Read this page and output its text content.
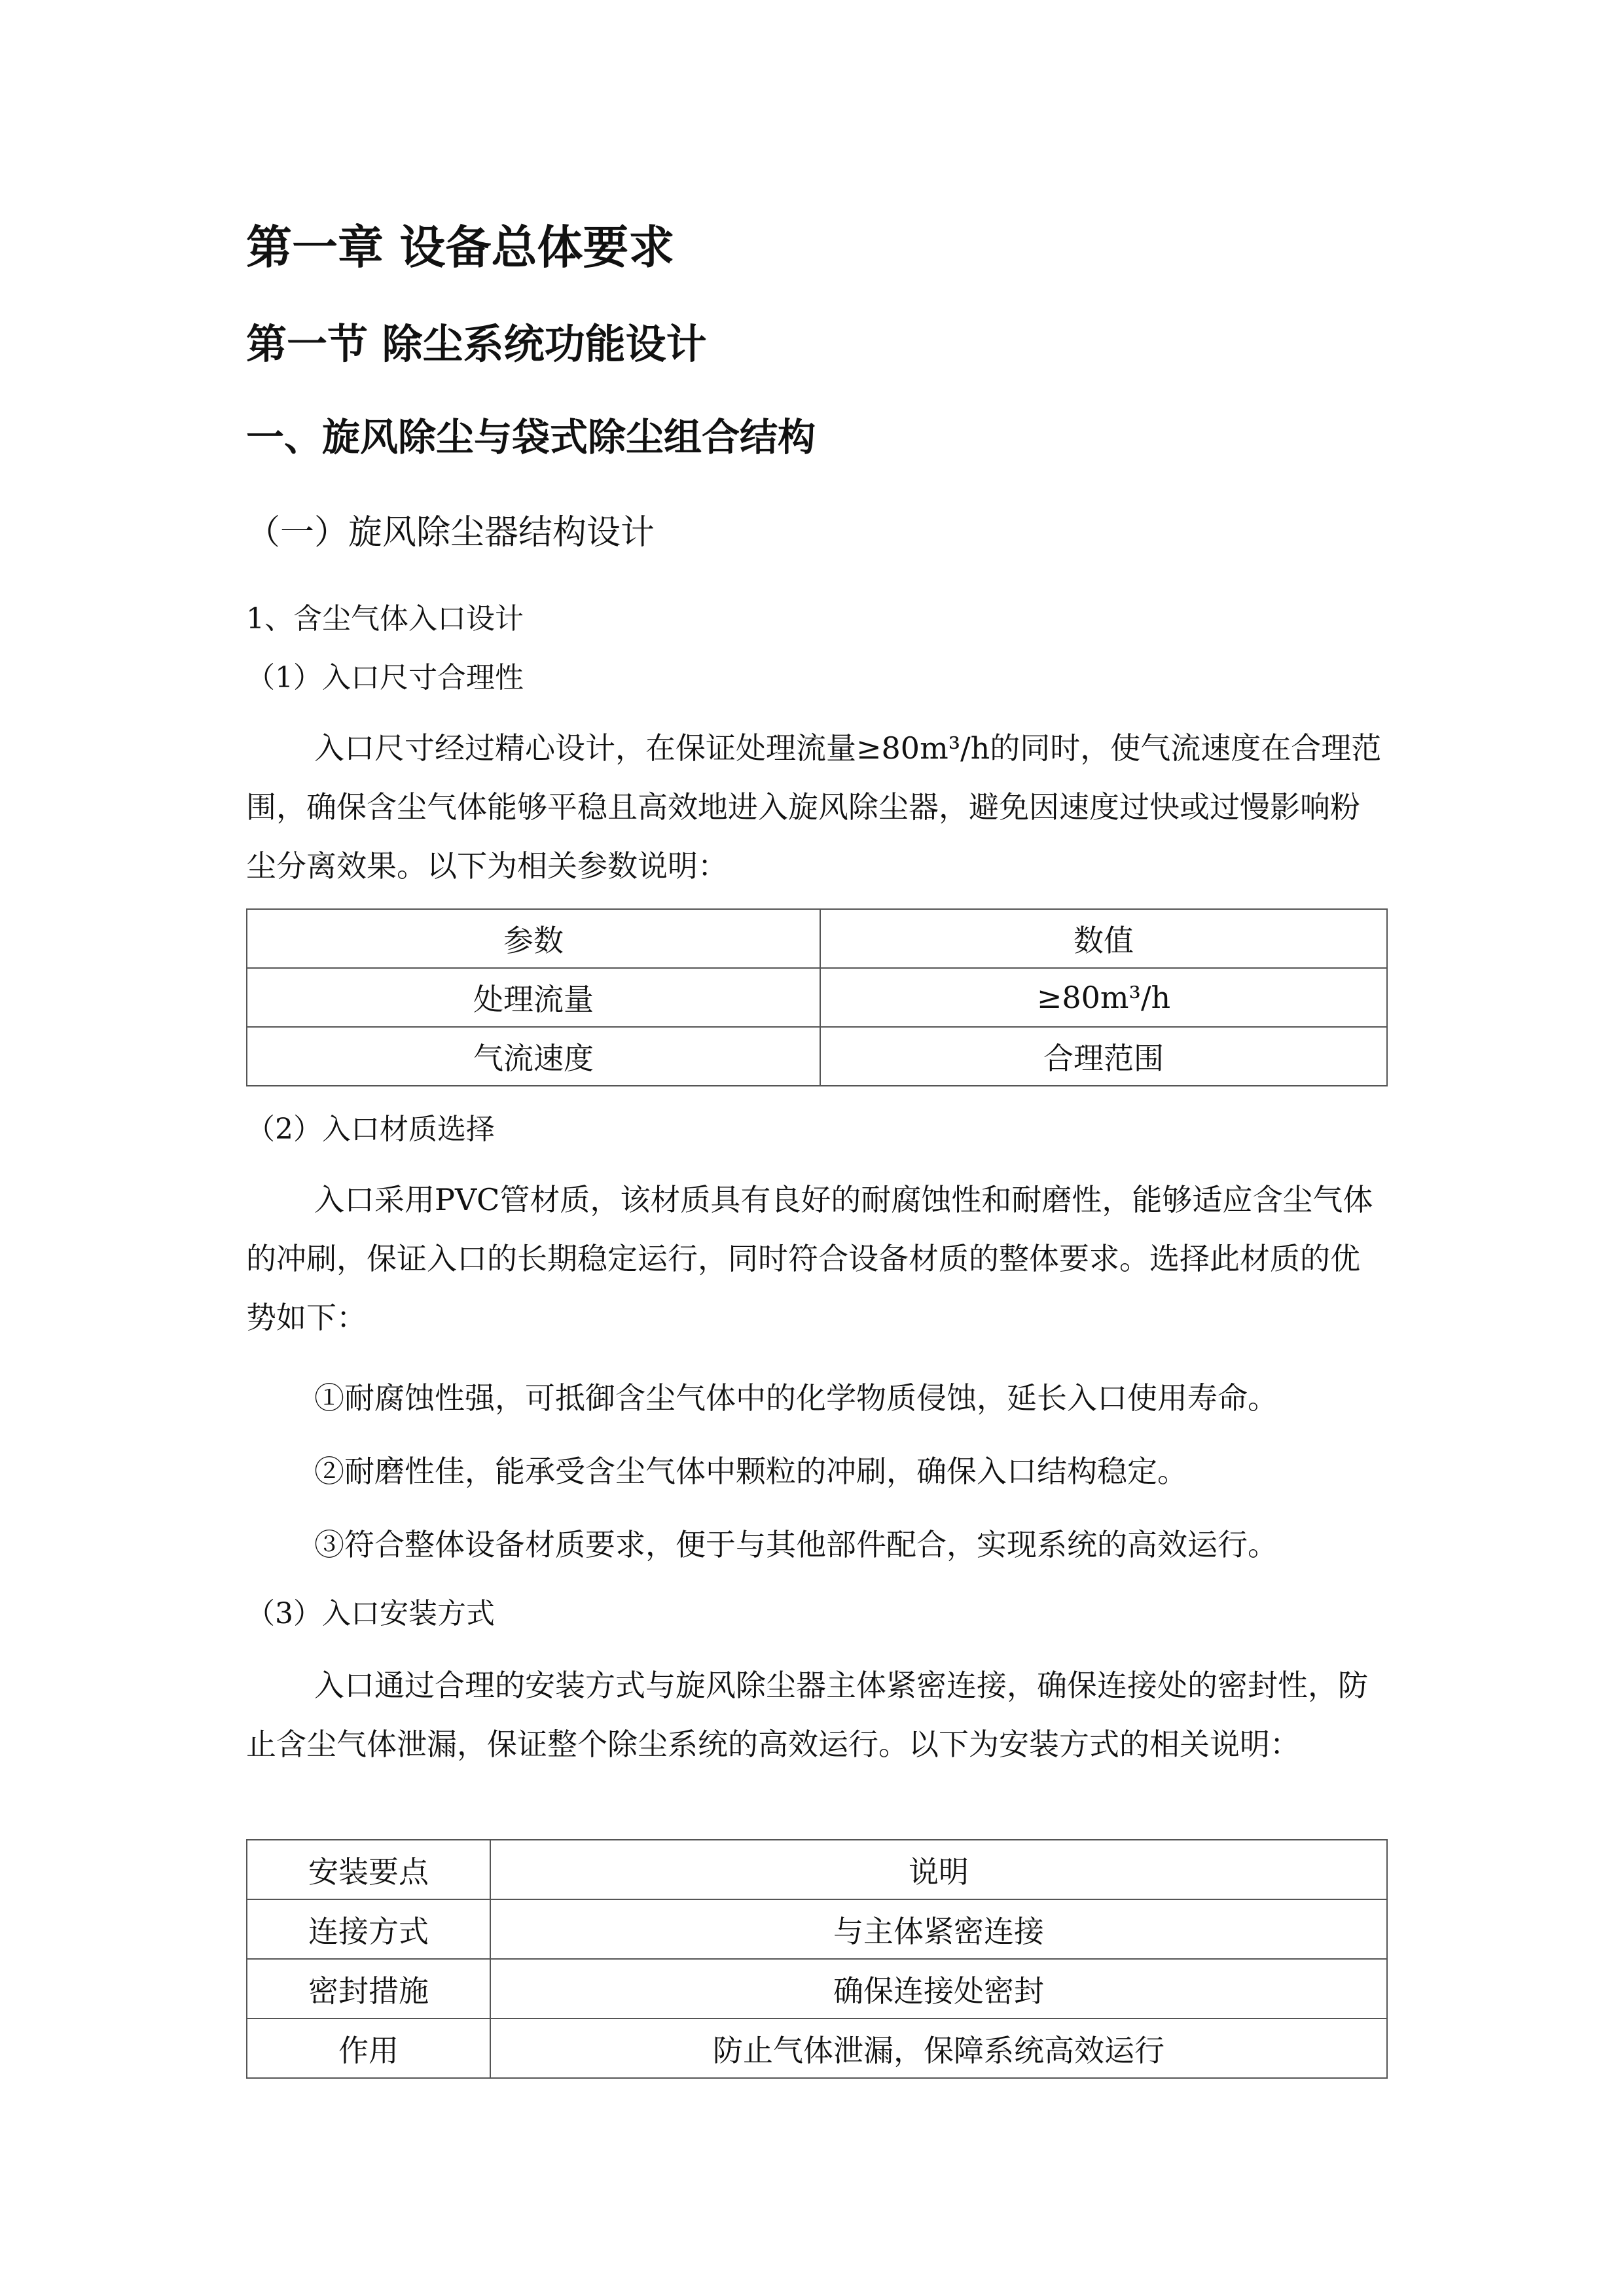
第一章 设备总体要求
第一节 除尘系统功能设计
一、旋风除尘与袋式除尘组合结构
（一）旋风除尘器结构设计
1、含尘气体入口设计
（1）入口尺寸合理性

入口尺寸经过精心设计，在保证处理流量≥80m³/h的同时，使气流速度在合理范围，确保含尘气体能够平稳且高效地进入旋风除尘器，避免因速度过快或过慢影响粉尘分离效果。以下为相关参数说明：

参数	数值
处理流量	≥80m³/h
气流速度	合理范围
（2）入口材质选择

入口采用PVC管材质，该材质具有良好的耐腐蚀性和耐磨性，能够适应含尘气体的冲刷，保证入口的长期稳定运行，同时符合设备材质的整体要求。选择此材质的优势如下：

①耐腐蚀性强，可抵御含尘气体中的化学物质侵蚀，延长入口使用寿命。
②耐磨性佳，能承受含尘气体中颗粒的冲刷，确保入口结构稳定。
③符合整体设备材质要求，便于与其他部件配合，实现系统的高效运行。
（3）入口安装方式

入口通过合理的安装方式与旋风除尘器主体紧密连接，确保连接处的密封性，防止含尘气体泄漏，保证整个除尘系统的高效运行。以下为安装方式的相关说明：

安装要点	说明
连接方式	与主体紧密连接
密封措施	确保连接处密封
作用	防止气体泄漏，保障系统高效运行
